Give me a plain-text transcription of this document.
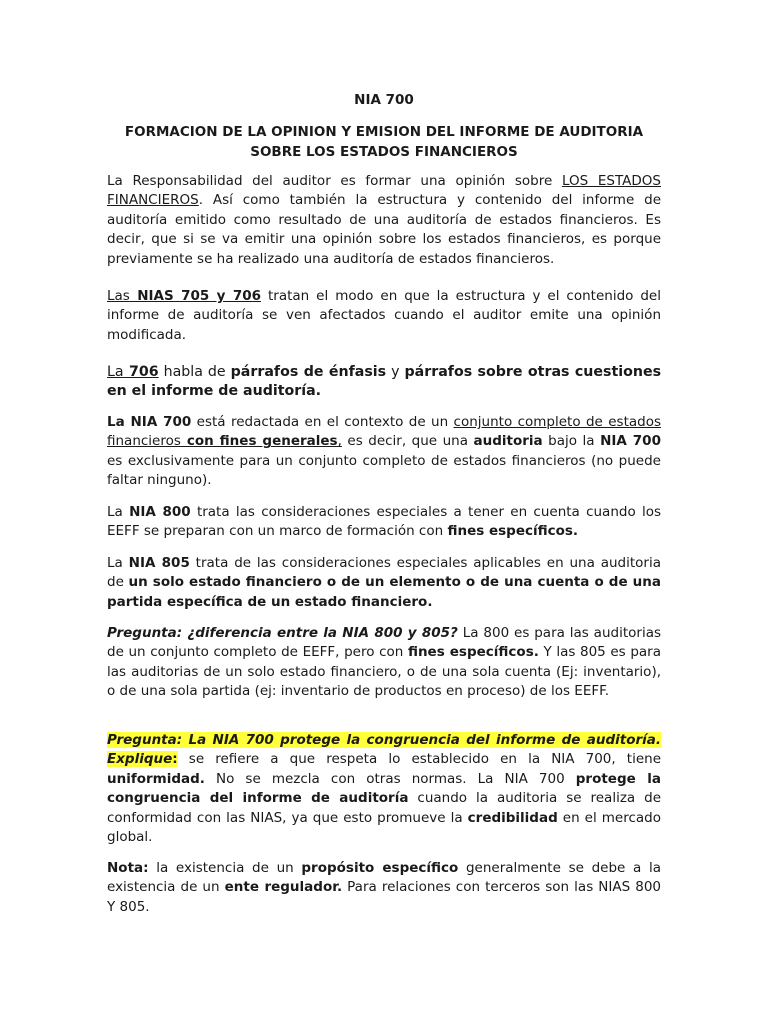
NIA 700
FORMACION DE LA OPINION Y EMISION DEL INFORME DE AUDITORIA SOBRE LOS ESTADOS FINANCIEROS

La Responsabilidad del auditor es formar una opinión sobre LOS ESTADOS FINANCIEROS. Así como también la estructura y contenido del informe de auditoría emitido como resultado de una auditoría de estados financieros. Es decir, que si se va emitir una opinión sobre los estados financieros, es porque previamente se ha realizado una auditoría de estados financieros.

Las NIAS 705 y 706 tratan el modo en que la estructura y el contenido del informe de auditoría se ven afectados cuando el auditor emite una opinión modificada.

La 706 habla de párrafos de énfasis y párrafos sobre otras cuestiones en el informe de auditoría.

La NIA 700 está redactada en el contexto de un conjunto completo de estados financieros con fines generales, es decir, que una auditoria bajo la NIA 700 es exclusivamente para un conjunto completo de estados financieros (no puede faltar ninguno).

La NIA 800 trata las consideraciones especiales a tener en cuenta cuando los EEFF se preparan con un marco de formación con fines específicos.

La NIA 805 trata de las consideraciones especiales aplicables en una auditoria de un solo estado financiero o de un elemento o de una cuenta o de una partida específica de un estado financiero.

Pregunta: ¿diferencia entre la NIA 800 y 805? La 800 es para las auditorias de un conjunto completo de EEFF, pero con fines específicos. Y las 805 es para las auditorias de un solo estado financiero, o de una sola cuenta (Ej: inventario), o de una sola partida (ej: inventario de productos en proceso) de los EEFF.

Pregunta: La NIA 700 protege la congruencia del informe de auditoría. Explique: se refiere a que respeta lo establecido en la NIA 700, tiene uniformidad. No se mezcla con otras normas. La NIA 700 protege la congruencia del informe de auditoría cuando la auditoria se realiza de conformidad con las NIAS, ya que esto promueve la credibilidad en el mercado global.

Nota: la existencia de un propósito específico generalmente se debe a la existencia de un ente regulador. Para relaciones con terceros son las NIAS 800 Y 805.
